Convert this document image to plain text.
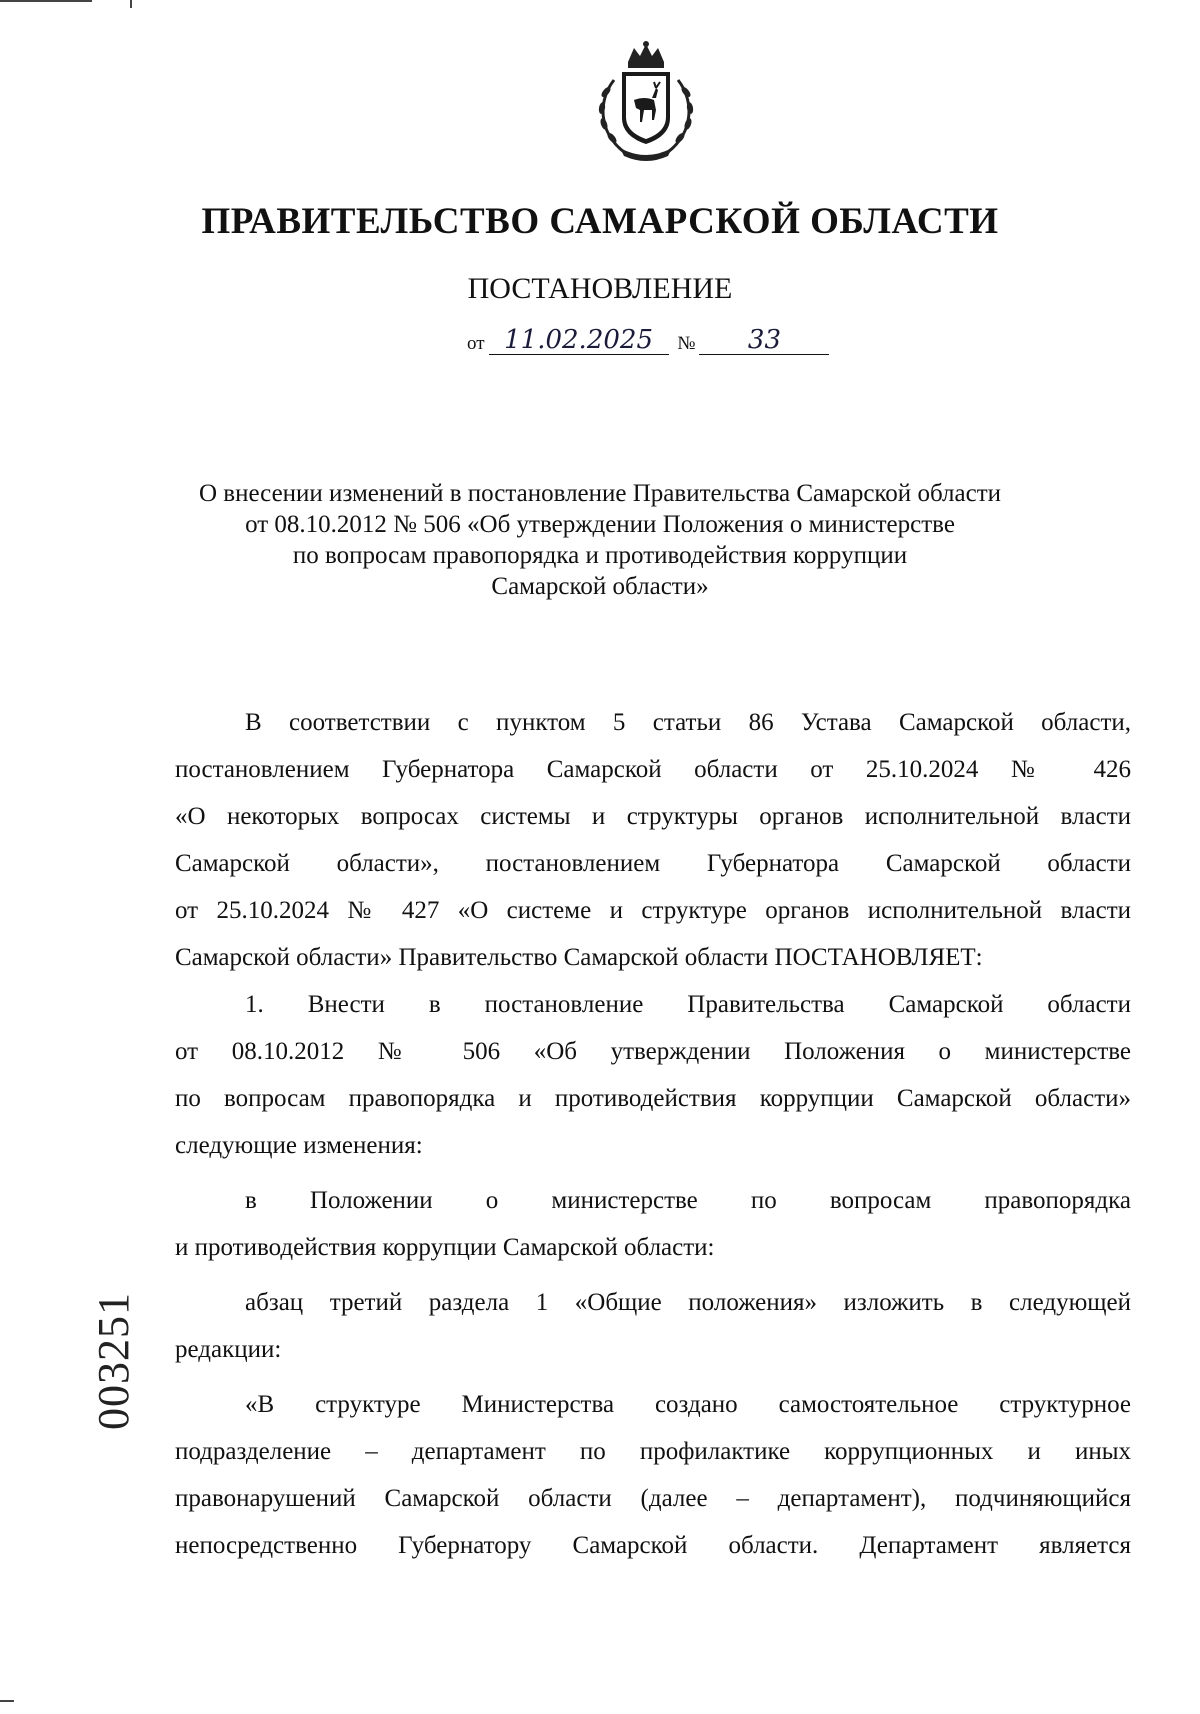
ПРАВИТЕЛЬСТВО САМАРСКОЙ ОБЛАСТИ
ПОСТАНОВЛЕНИЕ
от 11.02.2025 № 33
О внесении изменений в постановление Правительства Самарской области
от 08.10.2012 № 506 «Об утверждении Положения о министерстве
по вопросам правопорядка и противодействия коррупции
Самарской области»
В соответствии с пунктом 5 статьи 86 Устава Самарской области,
постановлением Губернатора Самарской области от 25.10.2024 № 426
«О некоторых вопросах системы и структуры органов исполнительной власти
Самарской области», постановлением Губернатора Самарской области
от 25.10.2024 № 427 «О системе и структуре органов исполнительной власти
Самарской области» Правительство Самарской области ПОСТАНОВЛЯЕТ:
1. Внести в постановление Правительства Самарской области
от 08.10.2012 № 506 «Об утверждении Положения о министерстве
по вопросам правопорядка и противодействия коррупции Самарской области»
следующие изменения:
в Положении о министерстве по вопросам правопорядка
и противодействия коррупции Самарской области:
абзац третий раздела 1 «Общие положения» изложить в следующей
редакции:
«В структуре Министерства создано самостоятельное структурное
подразделение – департамент по профилактике коррупционных и иных
правонарушений Самарской области (далее – департамент), подчиняющийся
непосредственно Губернатору Самарской области. Департамент является
003251
